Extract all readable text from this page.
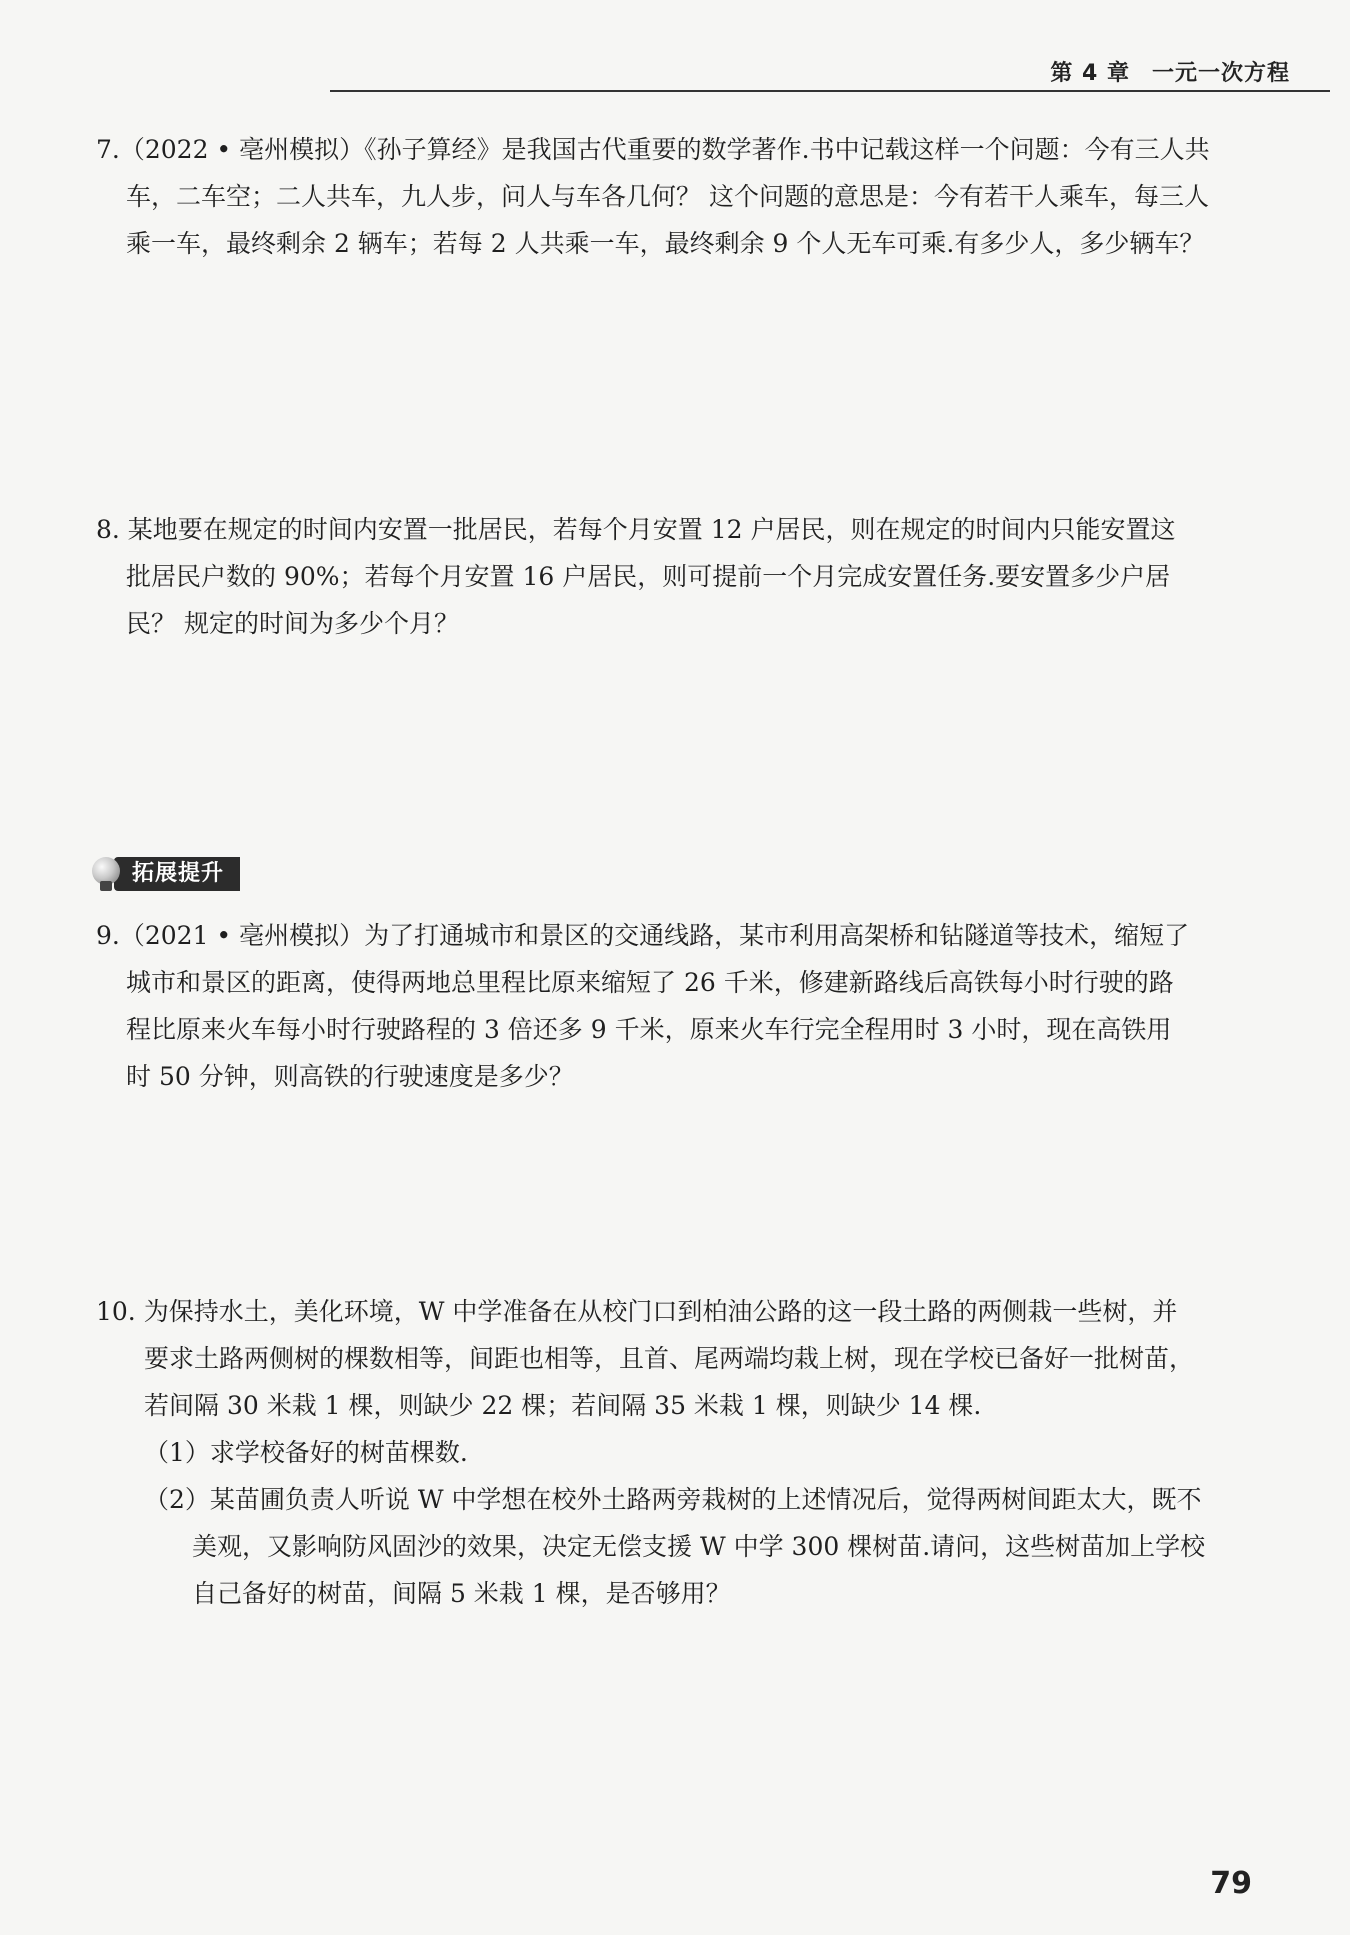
第 4 章 一元一次方程
7.（2022 • 亳州模拟）《孙子算经》是我国古代重要的数学著作.书中记载这样一个问题：今有三人共
车，二车空；二人共车，九人步，问人与车各几何？ 这个问题的意思是：今有若干人乘车，每三人
乘一车，最终剩余 2 辆车；若每 2 人共乘一车，最终剩余 9 个人无车可乘.有多少人，多少辆车？
8. 某地要在规定的时间内安置一批居民，若每个月安置 12 户居民，则在规定的时间内只能安置这
批居民户数的 90%；若每个月安置 16 户居民，则可提前一个月完成安置任务.要安置多少户居
民？ 规定的时间为多少个月？
拓展提升
9.（2021 • 亳州模拟）为了打通城市和景区的交通线路，某市利用高架桥和钻隧道等技术，缩短了
城市和景区的距离，使得两地总里程比原来缩短了 26 千米，修建新路线后高铁每小时行驶的路
程比原来火车每小时行驶路程的 3 倍还多 9 千米，原来火车行完全程用时 3 小时，现在高铁用
时 50 分钟，则高铁的行驶速度是多少？
10. 为保持水土，美化环境，W 中学准备在从校门口到柏油公路的这一段土路的两侧栽一些树，并
要求土路两侧树的棵数相等，间距也相等，且首、尾两端均栽上树，现在学校已备好一批树苗，
若间隔 30 米栽 1 棵，则缺少 22 棵；若间隔 35 米栽 1 棵，则缺少 14 棵.
（1）求学校备好的树苗棵数.
（2）某苗圃负责人听说 W 中学想在校外土路两旁栽树的上述情况后，觉得两树间距太大，既不
美观，又影响防风固沙的效果，决定无偿支援 W 中学 300 棵树苗.请问，这些树苗加上学校
自己备好的树苗，间隔 5 米栽 1 棵，是否够用？
79
